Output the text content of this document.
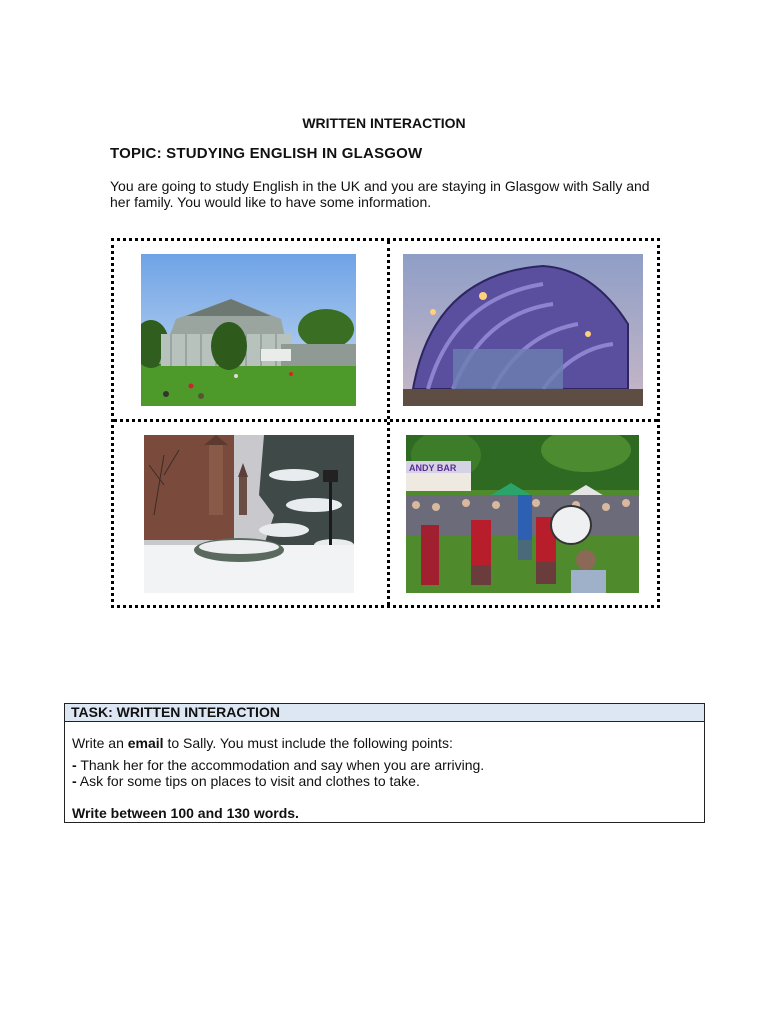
WRITTEN INTERACTION
TOPIC: STUDYING ENGLISH IN GLASGOW
You are going to study English in the UK and you are staying in Glasgow with Sally and her family. You would like to have some information.
ANDY BAR
TASK: WRITTEN INTERACTION

Write an email to Sally. You must include the following points:

- Thank her for the accommodation and say when you are arriving.

- Ask for some tips on places to visit and clothes to take.

Write between 100 and 130 words.
